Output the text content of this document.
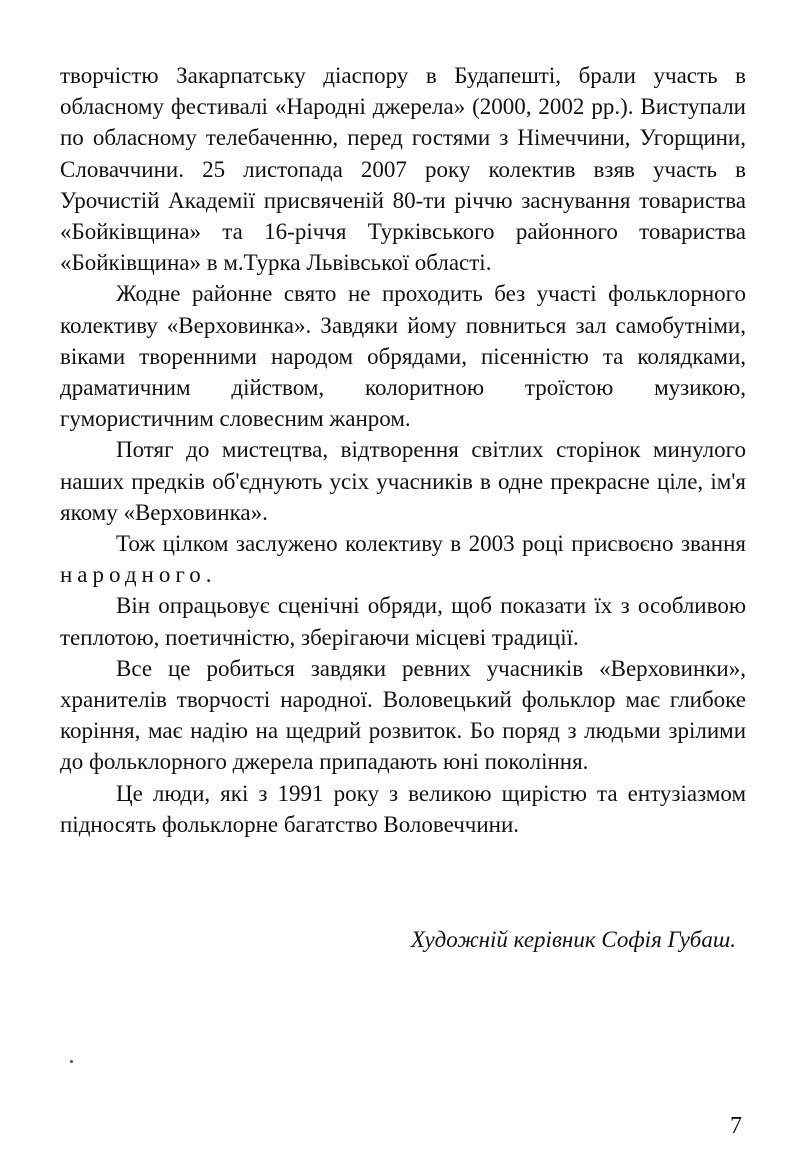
творчістю Закарпатську діаспору в Будапешті, брали участь в обласному фестивалі «Народні джерела» (2000, 2002 рр.). Виступали по обласному телебаченню, перед гостями з Німеччини, Угорщини, Словаччини. 25 листопада 2007 року колектив взяв участь в Урочистій Академії присвяченій 80-ти річчю заснування товариства «Бойківщина» та 16-річчя Турківського районного товариства «Бойківщина» в м.Турка Львівської області.

Жодне районне свято не проходить без участі фольклорного колективу «Верховинка». Завдяки йому повниться зал самобутніми, віками творенними народом обрядами, пісенністю та колядками, драматичним дійством, колоритною троїстою музикою, гумористичним словесним жанром.

Потяг до мистецтва, відтворення світлих сторінок минулого наших предків об'єднують усіх учасників в одне прекрасне ціле, ім'я якому «Верховинка».

Тож цілком заслужено колективу в 2003 році присвоєно звання народного.

Він опрацьовує сценічні обряди, щоб показати їх з особливою теплотою, поетичністю, зберігаючи місцеві традиції.

Все це робиться завдяки ревних учасників «Верховинки», хранителів творчості народної. Воловецький фольклор має глибоке коріння, має надію на щедрий розвиток. Бо поряд з людьми зрілими до фольклорного джерела припадають юні покоління.

Це люди, які з 1991 року з великою щирістю та ентузіазмом підносять фольклорне багатство Воловеччини.

Художній керівник Софія Губаш.

7
